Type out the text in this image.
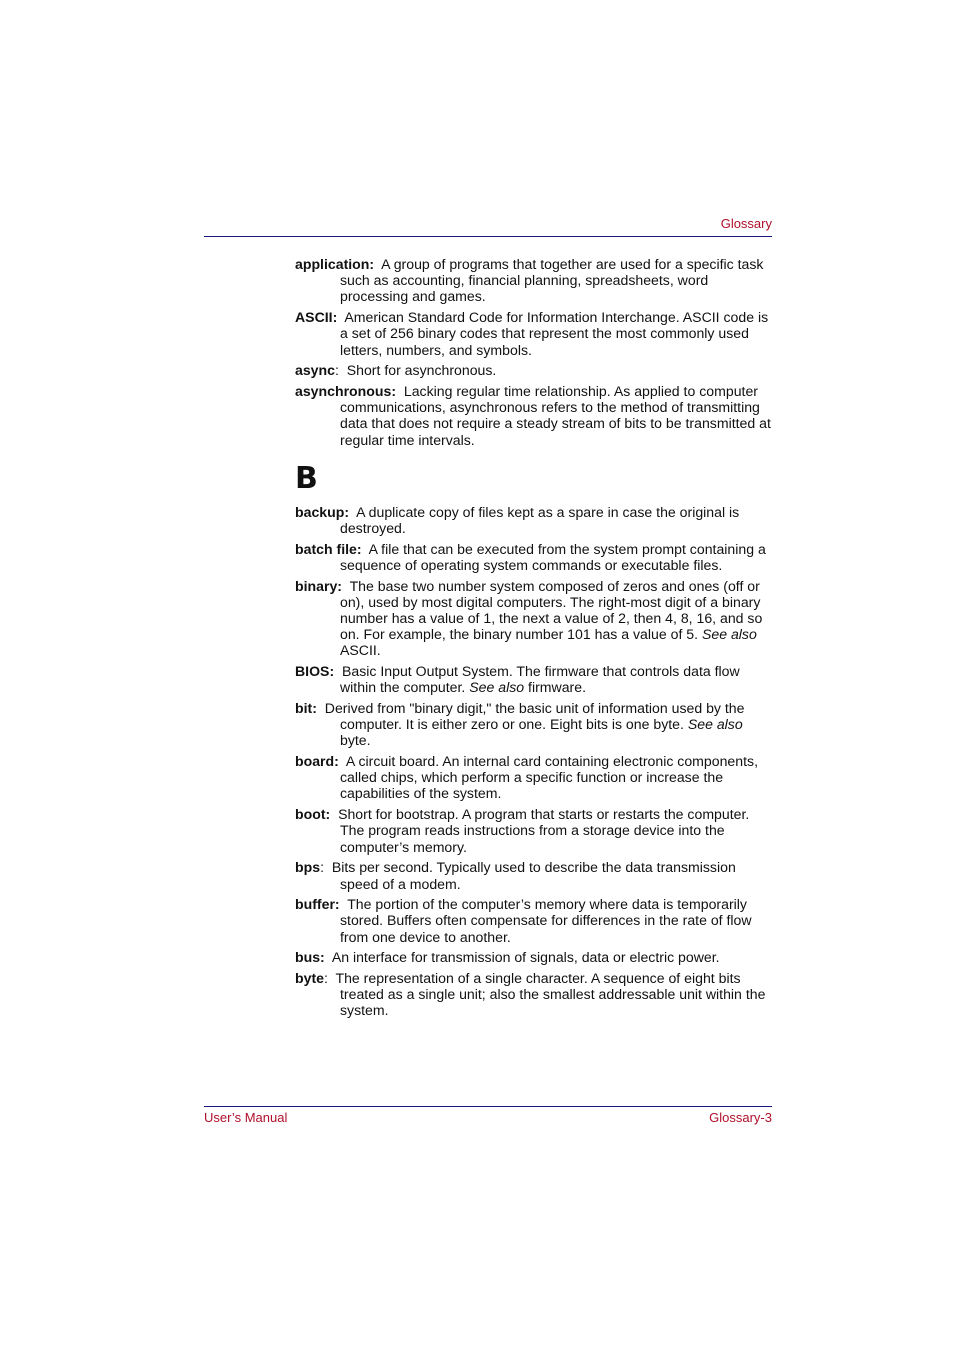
Glossary

application: A group of programs that together are used for a specific task such as accounting, financial planning, spreadsheets, word processing and games.

ASCII: American Standard Code for Information Interchange. ASCII code is a set of 256 binary codes that represent the most commonly used letters, numbers, and symbols.

async:  Short for asynchronous.

asynchronous: Lacking regular time relationship. As applied to computer communications, asynchronous refers to the method of transmitting data that does not require a steady stream of bits to be transmitted at regular time intervals.

B

backup: A duplicate copy of files kept as a spare in case the original is destroyed.

batch file: A file that can be executed from the system prompt containing a sequence of operating system commands or executable files.

binary: The base two number system composed of zeros and ones (off or on), used by most digital computers. The right-most digit of a binary number has a value of 1, the next a value of 2, then 4, 8, 16, and so on. For example, the binary number 101 has a value of 5. See also ASCII.

BIOS: Basic Input Output System. The firmware that controls data flow within the computer. See also firmware.

bit: Derived from "binary digit," the basic unit of information used by the computer. It is either zero or one. Eight bits is one byte. See also byte.

board: A circuit board. An internal card containing electronic components, called chips, which perform a specific function or increase the capabilities of the system.

boot: Short for bootstrap. A program that starts or restarts the computer. The program reads instructions from a storage device into the computer’s memory.

bps:  Bits per second. Typically used to describe the data transmission speed of a modem.

buffer: The portion of the computer’s memory where data is temporarily stored. Buffers often compensate for differences in the rate of flow from one device to another.

bus: An interface for transmission of signals, data or electric power.

byte:  The representation of a single character. A sequence of eight bits treated as a single unit; also the smallest addressable unit within the system.

User’s Manual	Glossary-3
